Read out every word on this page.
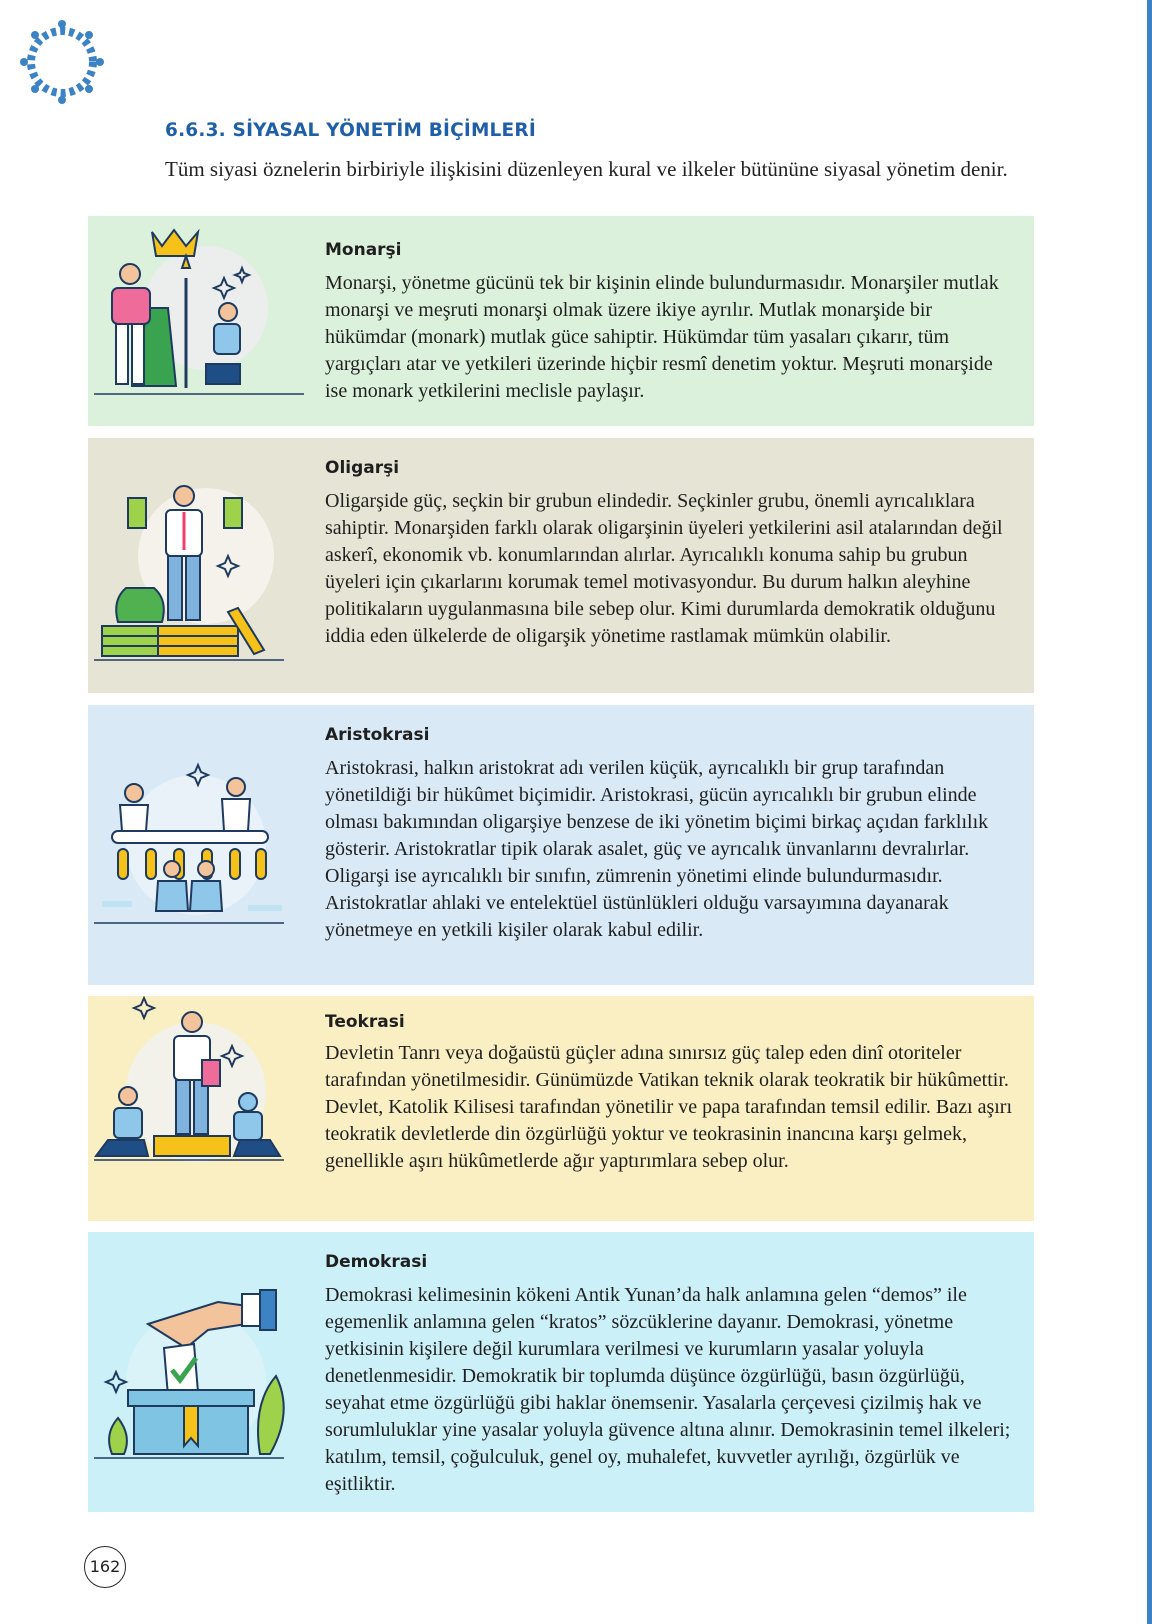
6.6.3. SİYASAL YÖNETİM BİÇİMLERİ
Tüm siyasi öznelerin birbiriyle ilişkisini düzenleyen kural ve ilkeler bütününe siyasal yönetim denir.
Monarşi

Monarşi, yönetme gücünü tek bir kişinin elinde bulundurmasıdır. Monarşiler mutlak monarşi ve meşruti monarşi olmak üzere ikiye ayrılır. Mutlak monarşide bir hükümdar (monark) mutlak güce sahiptir. Hükümdar tüm yasaları çıkarır, tüm yargıçları atar ve yetkileri üzerinde hiçbir resmî denetim yoktur. Meşruti monarşide ise monark yetkilerini meclisle paylaşır.

Oligarşi

Oligarşide güç, seçkin bir grubun elindedir. Seçkinler grubu, önemli ayrıcalıklara sahiptir. Monarşiden farklı olarak oligarşinin üyeleri yetkilerini asil atalarından değil askerî, ekonomik vb. konumlarından alırlar. Ayrıcalıklı konuma sahip bu grubun üyeleri için çıkarlarını korumak temel motivasyondur. Bu durum halkın aleyhine politikaların uygulanmasına bile sebep olur. Kimi durumlarda demokratik olduğunu iddia eden ülkelerde de oligarşik yönetime rastlamak mümkün olabilir.

Aristokrasi

Aristokrasi, halkın aristokrat adı verilen küçük, ayrıcalıklı bir grup tarafından yönetildiği bir hükûmet biçimidir. Aristokrasi, gücün ayrıcalıklı bir grubun elinde olması bakımından oligarşiye benzese de iki yönetim biçimi birkaç açıdan farklılık gösterir. Aristokratlar tipik olarak asalet, güç ve ayrıcalık ünvanlarını devralırlar. Oligarşi ise ayrıcalıklı bir sınıfın, zümrenin yönetimi elinde bulundurmasıdır. Aristokratlar ahlaki ve entelektüel üstünlükleri olduğu varsayımına dayanarak yönetmeye en yetkili kişiler olarak kabul edilir.

Teokrasi

Devletin Tanrı veya doğaüstü güçler adına sınırsız güç talep eden dinî otoriteler tarafından yönetilmesidir. Günümüzde Vatikan teknik olarak teokratik bir hükûmettir. Devlet, Katolik Kilisesi tarafından yönetilir ve papa tarafından temsil edilir. Bazı aşırı teokratik devletlerde din özgürlüğü yoktur ve teokrasinin inancına karşı gelmek, genellikle aşırı hükûmetlerde ağır yaptırımlara sebep olur.

Demokrasi

Demokrasi kelimesinin kökeni Antik Yunan’da halk anlamına gelen “demos” ile egemenlik anlamına gelen “kratos” sözcüklerine dayanır. Demokrasi, yönetme yetkisinin kişilere değil kurumlara verilmesi ve kurumların yasalar yoluyla denetlenmesidir. Demokratik bir toplumda düşünce özgürlüğü, basın özgürlüğü, seyahat etme özgürlüğü gibi haklar önemsenir. Yasalarla çerçevesi çizilmiş hak ve sorumluluklar yine yasalar yoluyla güvence altına alınır. Demokrasinin temel ilkeleri; katılım, temsil, çoğulculuk, genel oy, muhalefet, kuvvetler ayrılığı, özgürlük ve eşitliktir.

162
